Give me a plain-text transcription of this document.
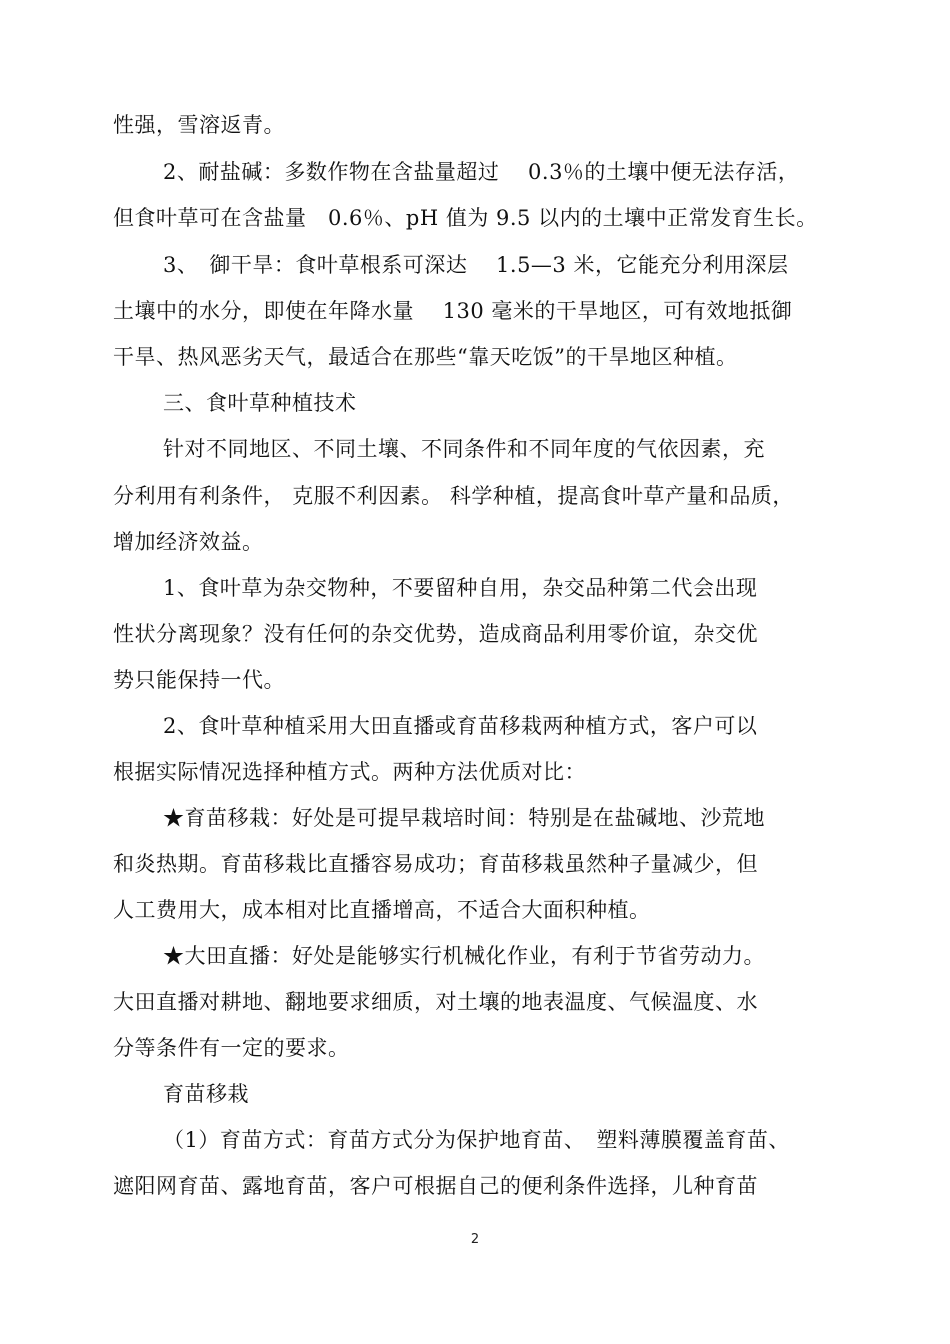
性强，雪溶返青。
2、耐盐碱：多数作物在含盐量超过　 0.3％的土壤中便无法存活，
但食叶草可在含盐量　0.6％、pH 值为 9.5 以内的土壤中正常发育生长。
3、　御干旱：食叶草根系可深达　 1.5—3 米，它能充分利用深层
土壤中的水分，即使在年降水量　 130 毫米的干旱地区，可有效地抵御
干旱、热风恶劣天气，最适合在那些“靠天吃饭”的干旱地区种植。
三、食叶草种植技术
针对不同地区、不同土壤、不同条件和不同年度的气依因素，充
分利用有利条件， 克服不利因素。 科学种植，提高食叶草产量和品质，
增加经济效益。
1、食叶草为杂交物种，不要留种自用，杂交品种第二代会出现
性状分离现象？没有任何的杂交优势，造成商品利用零价谊，杂交优
势只能保持一代。
2、食叶草种植采用大田直播或育苗移栽两种植方式，客户可以
根据实际情况选择种植方式。两种方法优质对比：
★育苗移栽：好处是可提早栽培时间：特别是在盐碱地、沙荒地
和炎热期。育苗移栽比直播容易成功；育苗移栽虽然种子量减少，但
人工费用大，成本相对比直播增高，不适合大面积种植。
★大田直播：好处是能够实行机械化作业，有利于节省劳动力。
大田直播对耕地、翻地要求细质，对土壤的地表温度、气候温度、水
分等条件有一定的要求。
育苗移栽
（1）育苗方式：育苗方式分为保护地育苗、　塑料薄膜覆盖育苗、
遮阳网育苗、露地育苗，客户可根据自己的便利条件选择，儿种育苗
2
